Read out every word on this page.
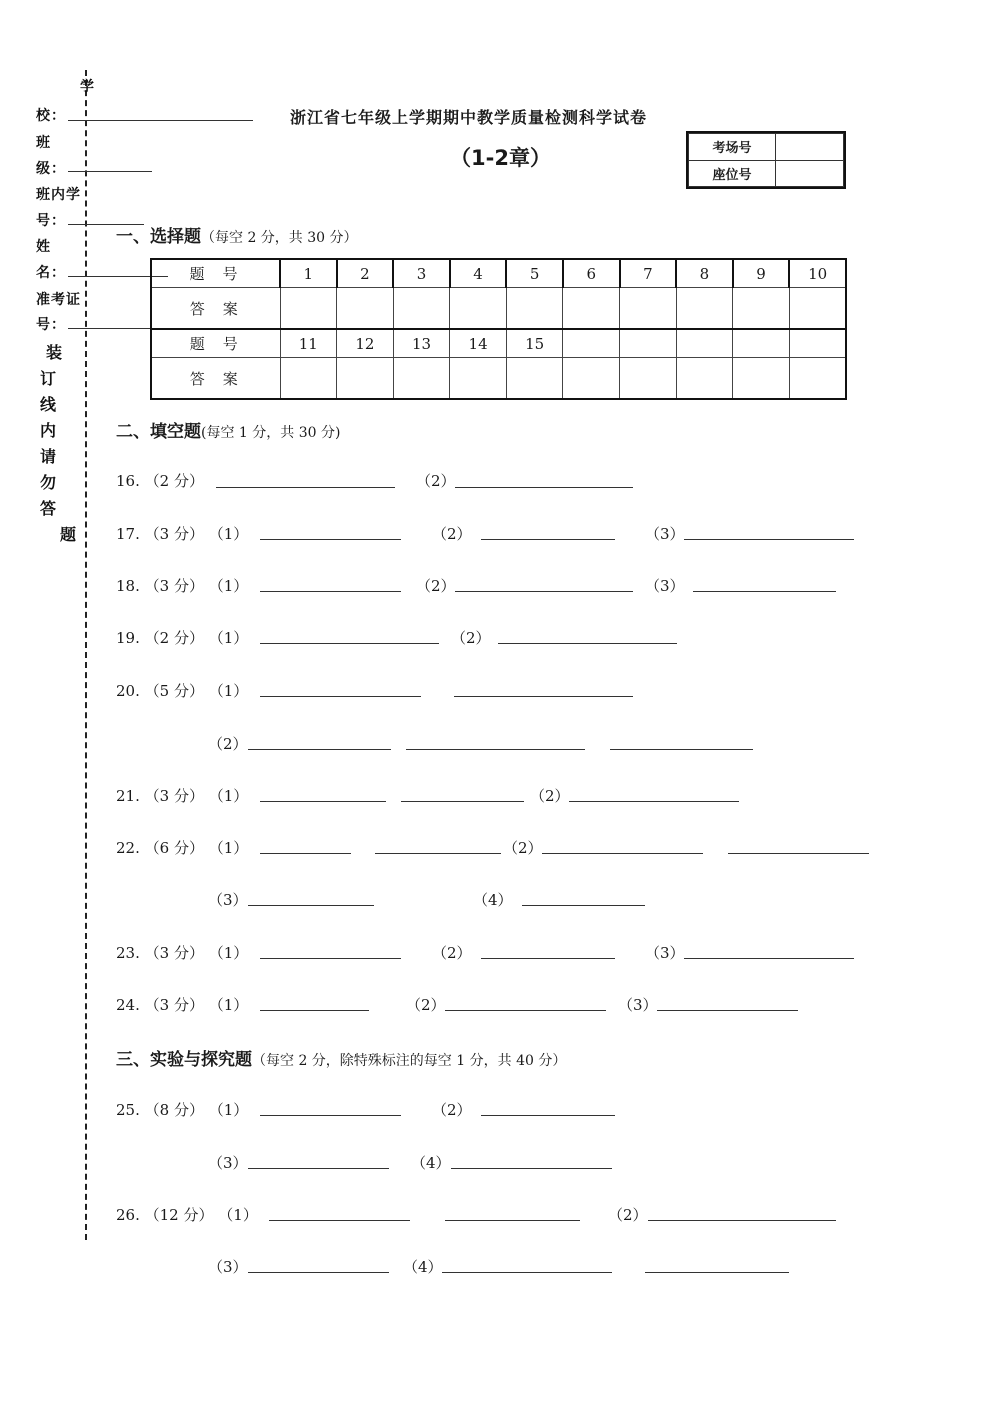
学
校：
班
级：
班内学
号：
姓
名：
准考证
号：
装
订
线
内
请
勿
答
题
浙江省七年级上学期期中教学质量检测科学试卷
（1-2章）	考场号	
座位号	
一、选择题（每空 2 分，共 30 分）
题号	1	2	3	4	5	6	7	8	9	10
答案										
题号	11	12	13	14	15					
答案										
二、填空题(每空 1 分，共 30 分)
16. （2 分）	（2）
17. （3 分） （1）	（2）	（3）
18. （3 分） （1）	（2）	（3）
19. （2 分） （1）	（2）
20. （5 分） （1）
（2）
21. （3 分） （1）	（2）
22. （6 分） （1）	（2）
（3）	（4）
23. （3 分） （1）	（2）	（3）
24. （3 分） （1）	（2）	（3）
三、实验与探究题（每空 2 分，除特殊标注的每空 1 分，共 40 分）
25. （8 分） （1）	（2）
（3）	（4）
26. （12 分） （1）	（2）
（3）	（4）
